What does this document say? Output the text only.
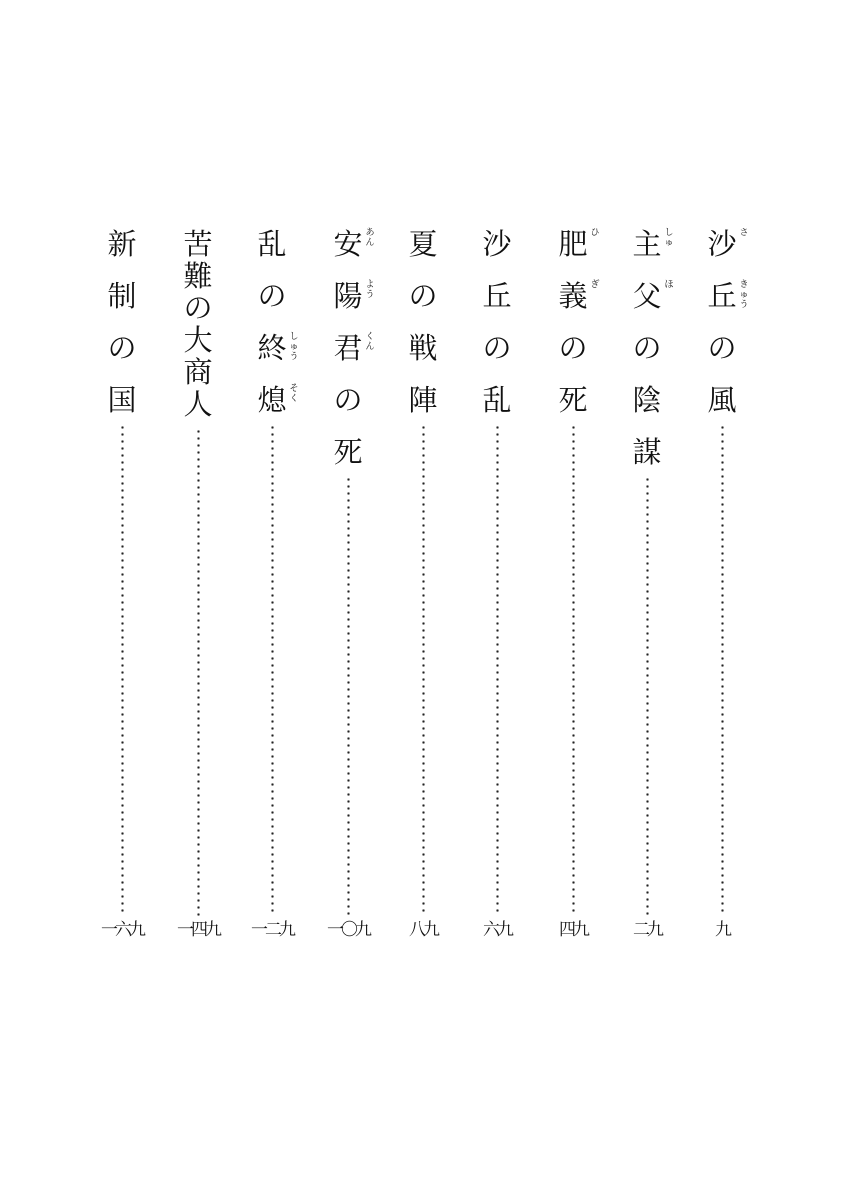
沙 さ
丘 きゅう
の
風
九
主 しゅ
父 ほ
の
陰
謀
二九
肥 ひ
義 ぎ
の
死
四九
沙
丘
の
乱
六九
夏
の
戦
陣
八九
安 あん
陽 よう
君 くん
の
死
一〇九
乱
の
終 しゅう
熄 そく
一二九
苦
難
の
大
商
人
一四九
新
制
の
国
一六九
